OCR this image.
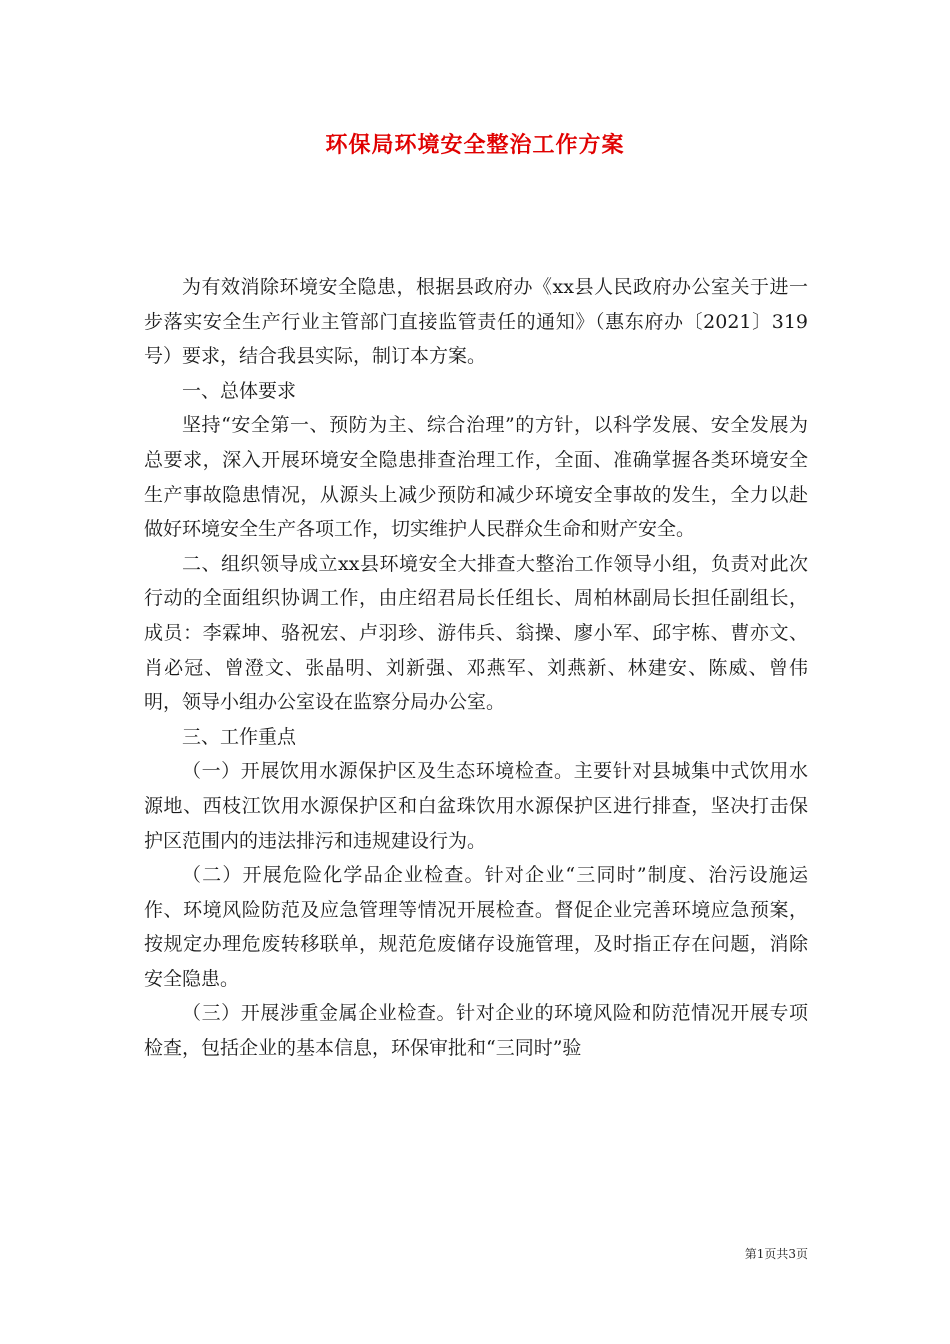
环保局环境安全整治工作方案

为有效消除环境安全隐患，根据县政府办《xx县人民政府办公室关于进一步落实安全生产行业主管部门直接监管责任的通知》（惠东府办〔2021〕319号）要求，结合我县实际，制订本方案。

一、总体要求

坚持“安全第一、预防为主、综合治理”的方针，以科学发展、安全发展为总要求，深入开展环境安全隐患排查治理工作，全面、准确掌握各类环境安全生产事故隐患情况，从源头上减少预防和减少环境安全事故的发生，全力以赴做好环境安全生产各项工作，切实维护人民群众生命和财产安全。

二、组织领导成立xx县环境安全大排查大整治工作领导小组，负责对此次行动的全面组织协调工作，由庄绍君局长任组长、周柏林副局长担任副组长，成员：李霖坤、骆祝宏、卢羽珍、游伟兵、翁操、廖小军、邱宇栋、曹亦文、肖必冠、曾澄文、张晶明、刘新强、邓燕军、刘燕新、林建安、陈威、曾伟明，领导小组办公室设在监察分局办公室。

三、工作重点

（一）开展饮用水源保护区及生态环境检查。主要针对县城集中式饮用水源地、西枝江饮用水源保护区和白盆珠饮用水源保护区进行排查，坚决打击保护区范围内的违法排污和违规建设行为。

（二）开展危险化学品企业检查。针对企业“三同时”制度、治污设施运作、环境风险防范及应急管理等情况开展检查。督促企业完善环境应急预案，按规定办理危废转移联单，规范危废储存设施管理，及时指正存在问题，消除安全隐患。

（三）开展涉重金属企业检查。针对企业的环境风险和防范情况开展专项检查，包括企业的基本信息，环保审批和“三同时”验

第1页共3页
